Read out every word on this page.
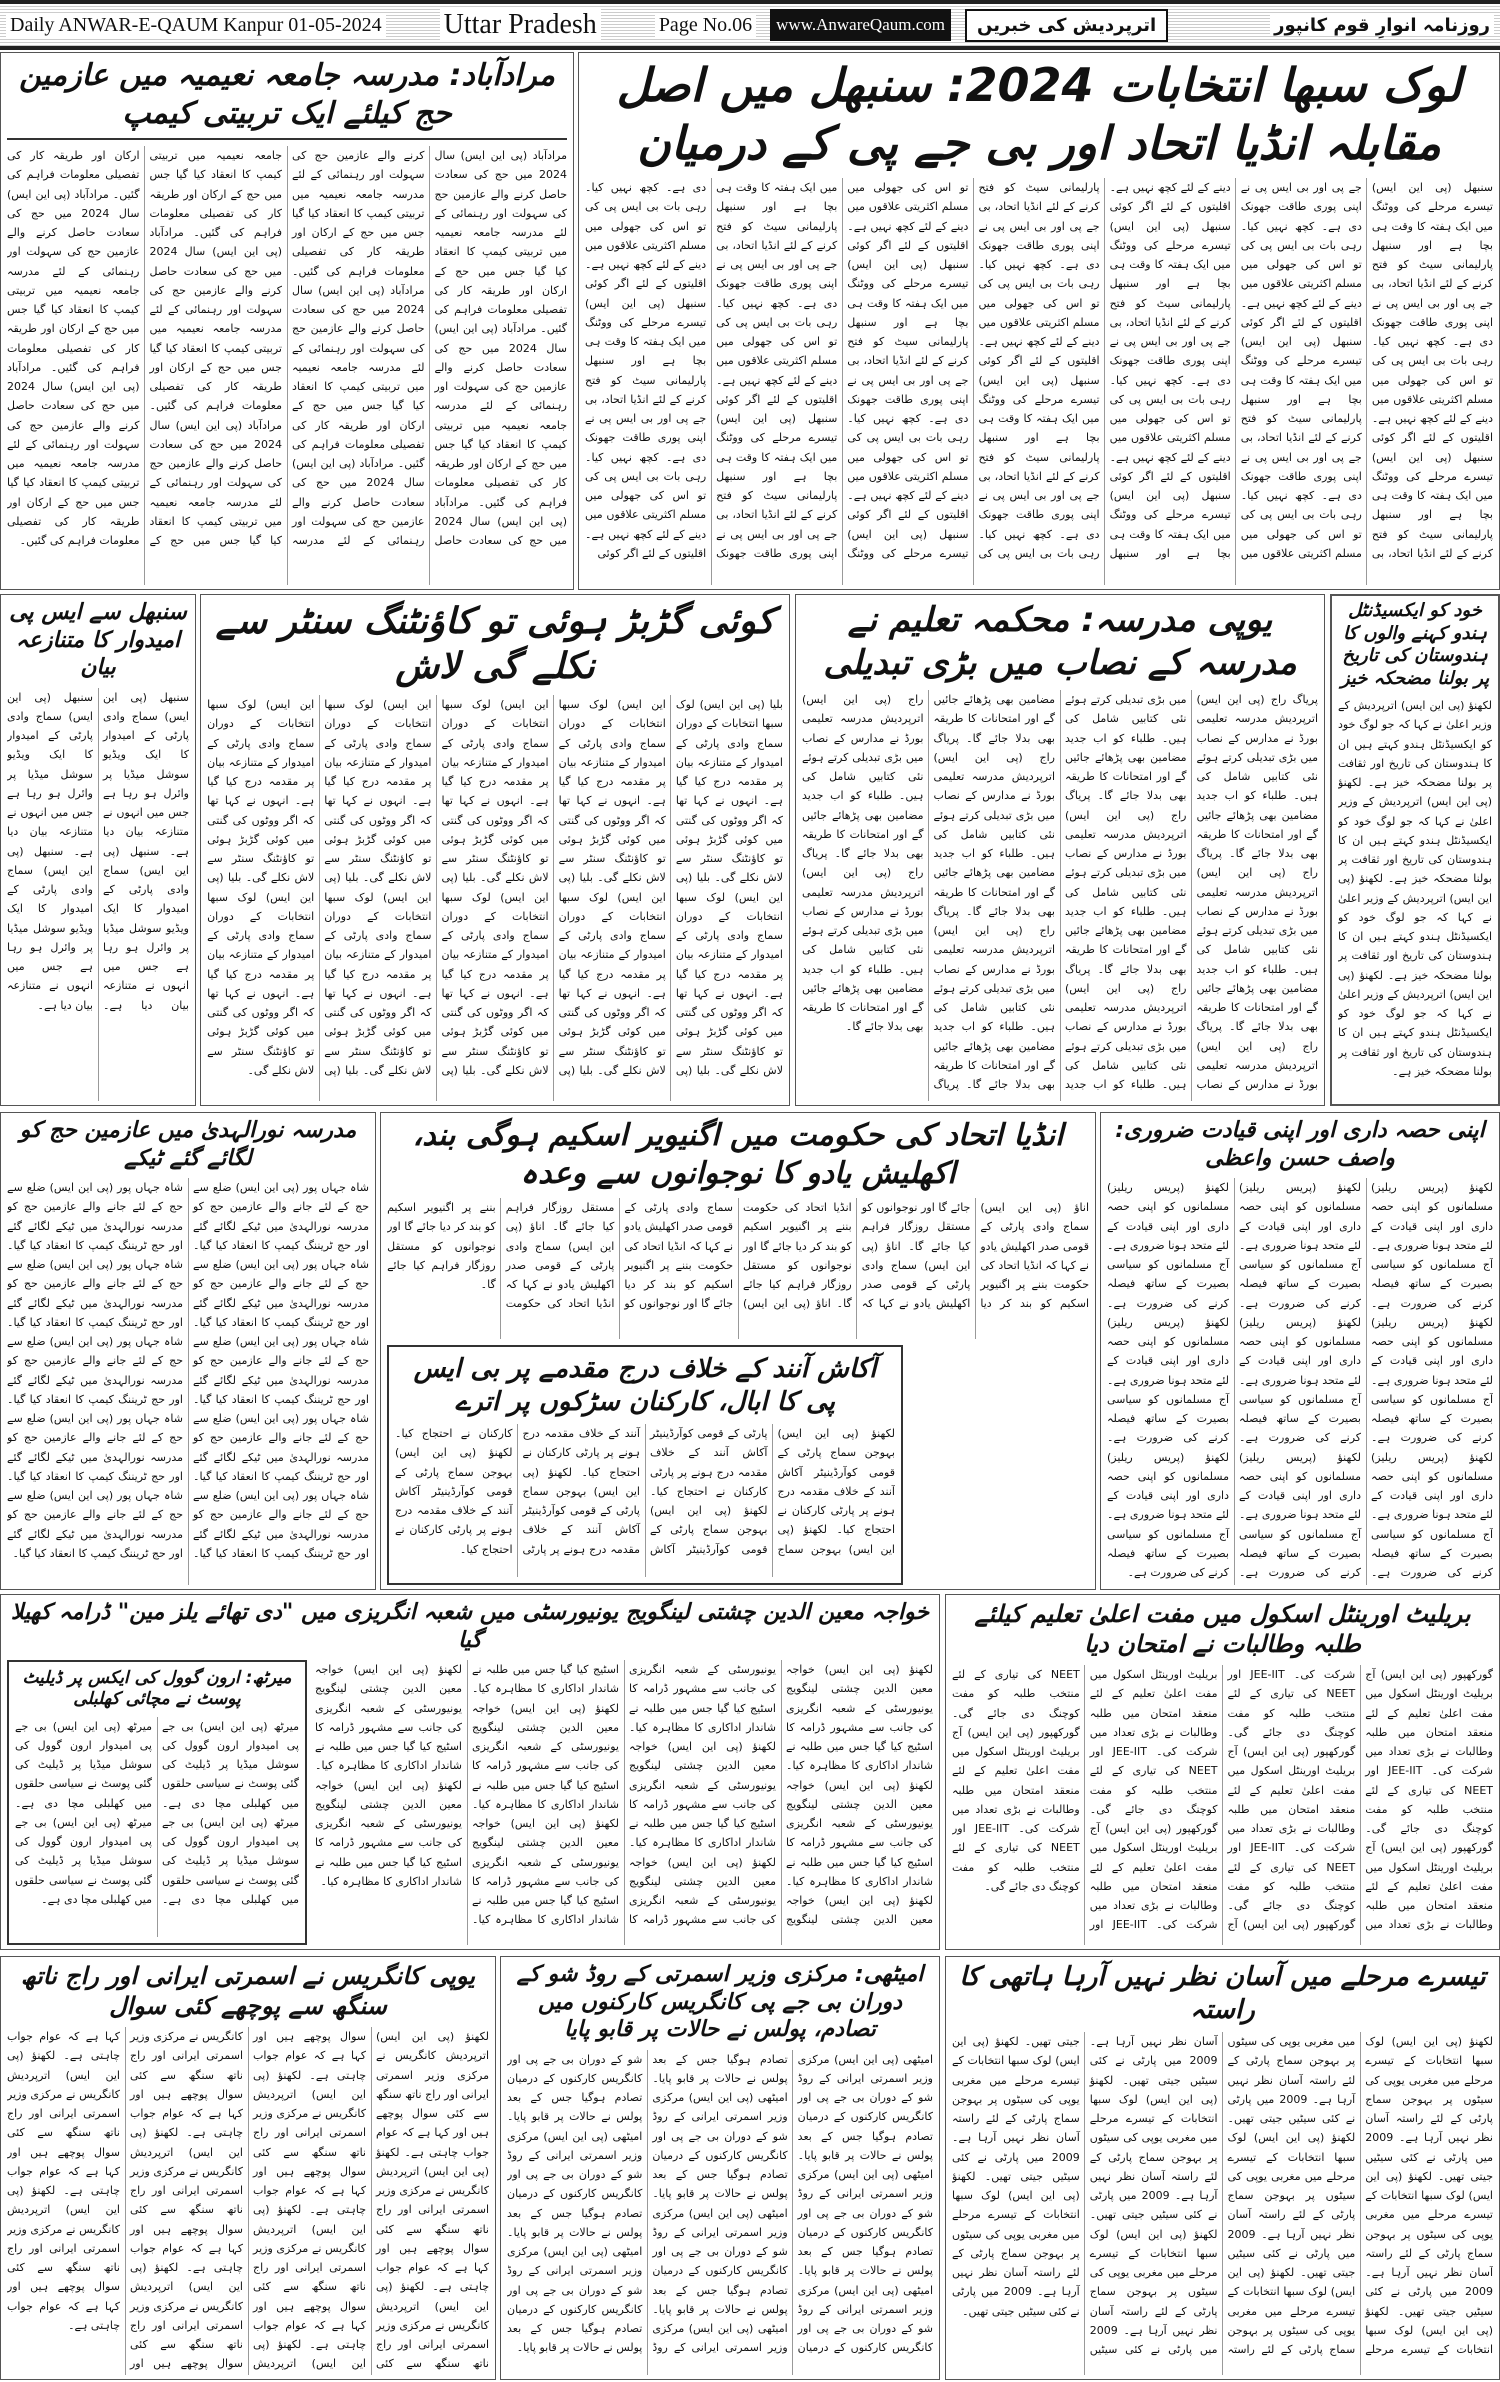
Daily ANWAR-E-QAUM Kanpur 01-05-2024 Uttar Pradesh	Page No.06	www.AnwareQaum.com	اترپردیش کی خبریں	روزنامہ انوارِ قوم کانپور
لوک سبھا انتخابات 2024: سنبھل میں اصل مقابلہ انڈیا اتحاد اور بی جے پی کے درمیان
سنبھل (پی این ایس) تیسرے مرحلے کی ووٹنگ میں ایک ہفتہ کا وقت ہی بچا ہے اور سنبھل پارلیمانی سیٹ کو فتح کرنے کے لئے انڈیا اتحاد، بی جے پی اور بی ایس پی نے اپنی پوری طاقت جھونک دی ہے۔ کچھ نہیں کیا۔ رہی بات بی ایس پی کی تو اس کی جھولی میں مسلم اکثریتی علاقوں میں دینے کے لئے کچھ نہیں ہے۔ اقلیتوں کے لئے اگر کوئی سنبھل (پی این ایس) تیسرے مرحلے کی ووٹنگ میں ایک ہفتہ کا وقت ہی بچا ہے اور سنبھل پارلیمانی سیٹ کو فتح کرنے کے لئے انڈیا اتحاد، بی جے پی اور بی ایس پی نے اپنی پوری طاقت جھونک دی ہے۔ کچھ نہیں کیا۔ رہی بات بی ایس پی کی تو اس کی جھولی میں مسلم اکثریتی علاقوں میں دینے کے لئے کچھ نہیں ہے۔ اقلیتوں کے لئے اگر کوئی سنبھل (پی این ایس) تیسرے مرحلے کی ووٹنگ میں ایک ہفتہ کا وقت ہی بچا ہے اور سنبھل پارلیمانی سیٹ کو فتح کرنے کے لئے انڈیا اتحاد، بی جے پی اور بی ایس پی نے اپنی پوری طاقت جھونک دی ہے۔ کچھ نہیں کیا۔ رہی بات بی ایس پی کی تو اس کی جھولی میں مسلم اکثریتی علاقوں میں دینے کے لئے کچھ نہیں ہے۔ اقلیتوں کے لئے اگر کوئی سنبھل (پی این ایس) تیسرے مرحلے کی ووٹنگ میں ایک ہفتہ کا وقت ہی بچا ہے اور سنبھل پارلیمانی سیٹ کو فتح کرنے کے لئے انڈیا اتحاد، بی جے پی اور بی ایس پی نے اپنی پوری طاقت جھونک دی ہے۔ کچھ نہیں کیا۔ رہی بات بی ایس پی کی تو اس کی جھولی میں مسلم اکثریتی علاقوں میں دینے کے لئے کچھ نہیں ہے۔ اقلیتوں کے لئے اگر کوئی سنبھل (پی این ایس) تیسرے مرحلے کی ووٹنگ میں ایک ہفتہ کا وقت ہی بچا ہے اور سنبھل پارلیمانی سیٹ کو فتح کرنے کے لئے انڈیا اتحاد، بی جے پی اور بی ایس پی نے اپنی پوری طاقت جھونک دی ہے۔ کچھ نہیں کیا۔ رہی بات بی ایس پی کی تو اس کی جھولی میں مسلم اکثریتی علاقوں میں دینے کے لئے کچھ نہیں ہے۔ اقلیتوں کے لئے اگر کوئی سنبھل (پی این ایس) تیسرے مرحلے کی ووٹنگ میں ایک ہفتہ کا وقت ہی بچا ہے اور سنبھل پارلیمانی سیٹ کو فتح کرنے کے لئے انڈیا اتحاد، بی جے پی اور بی ایس پی نے اپنی پوری طاقت جھونک دی ہے۔ کچھ نہیں کیا۔ رہی بات بی ایس پی کی تو اس کی جھولی میں مسلم اکثریتی علاقوں میں دینے کے لئے کچھ نہیں ہے۔ اقلیتوں کے لئے اگر کوئی سنبھل (پی این ایس) تیسرے مرحلے کی ووٹنگ میں ایک ہفتہ کا وقت ہی بچا ہے اور سنبھل پارلیمانی سیٹ کو فتح کرنے کے لئے انڈیا اتحاد، بی جے پی اور بی ایس پی نے اپنی پوری طاقت جھونک دی ہے۔ کچھ نہیں کیا۔ رہی بات بی ایس پی کی تو اس کی جھولی میں مسلم اکثریتی علاقوں میں دینے کے لئے کچھ نہیں ہے۔ اقلیتوں کے لئے اگر کوئی سنبھل (پی این ایس) تیسرے مرحلے کی ووٹنگ میں ایک ہفتہ کا وقت ہی بچا ہے اور سنبھل پارلیمانی سیٹ کو فتح کرنے کے لئے انڈیا اتحاد، بی جے پی اور بی ایس پی نے اپنی پوری طاقت جھونک دی ہے۔ کچھ نہیں کیا۔ رہی بات بی ایس پی کی تو اس کی جھولی میں مسلم اکثریتی علاقوں میں دینے کے لئے کچھ نہیں ہے۔ اقلیتوں کے لئے اگر کوئی سنبھل (پی این ایس) تیسرے مرحلے کی ووٹنگ میں ایک ہفتہ کا وقت ہی بچا ہے اور سنبھل پارلیمانی سیٹ کو فتح کرنے کے لئے انڈیا اتحاد، بی جے پی اور بی ایس پی نے اپنی پوری طاقت جھونک دی ہے۔ کچھ نہیں کیا۔ رہی بات بی ایس پی کی تو اس کی جھولی میں مسلم اکثریتی علاقوں میں دینے کے لئے کچھ نہیں ہے۔ اقلیتوں کے لئے اگر کوئی سنبھل (پی این ایس) تیسرے مرحلے کی ووٹنگ میں ایک ہفتہ کا وقت ہی بچا ہے اور سنبھل پارلیمانی سیٹ کو فتح کرنے کے لئے انڈیا اتحاد، بی جے پی اور بی ایس پی نے اپنی پوری طاقت جھونک دی ہے۔ کچھ نہیں کیا۔ رہی بات بی ایس پی کی تو اس کی جھولی میں مسلم اکثریتی علاقوں میں دینے کے لئے کچھ نہیں ہے۔ اقلیتوں کے لئے اگر کوئی
مرادآباد: مدرسہ جامعہ نعیمیہ میں عازمین حج کیلئے ایک تربیتی کیمپ
مرادآباد (پی این ایس) سال 2024 میں حج کی سعادت حاصل کرنے والے عازمین حج کی سہولت اور رہنمائی کے لئے مدرسہ جامعہ نعیمیہ میں تربیتی کیمپ کا انعقاد کیا گیا جس میں حج کے ارکان اور طریقہ کار کی تفصیلی معلومات فراہم کی گئیں۔ مرادآباد (پی این ایس) سال 2024 میں حج کی سعادت حاصل کرنے والے عازمین حج کی سہولت اور رہنمائی کے لئے مدرسہ جامعہ نعیمیہ میں تربیتی کیمپ کا انعقاد کیا گیا جس میں حج کے ارکان اور طریقہ کار کی تفصیلی معلومات فراہم کی گئیں۔ مرادآباد (پی این ایس) سال 2024 میں حج کی سعادت حاصل کرنے والے عازمین حج کی سہولت اور رہنمائی کے لئے مدرسہ جامعہ نعیمیہ میں تربیتی کیمپ کا انعقاد کیا گیا جس میں حج کے ارکان اور طریقہ کار کی تفصیلی معلومات فراہم کی گئیں۔ مرادآباد (پی این ایس) سال 2024 میں حج کی سعادت حاصل کرنے والے عازمین حج کی سہولت اور رہنمائی کے لئے مدرسہ جامعہ نعیمیہ میں تربیتی کیمپ کا انعقاد کیا گیا جس میں حج کے ارکان اور طریقہ کار کی تفصیلی معلومات فراہم کی گئیں۔ مرادآباد (پی این ایس) سال 2024 میں حج کی سعادت حاصل کرنے والے عازمین حج کی سہولت اور رہنمائی کے لئے مدرسہ جامعہ نعیمیہ میں تربیتی کیمپ کا انعقاد کیا گیا جس میں حج کے ارکان اور طریقہ کار کی تفصیلی معلومات فراہم کی گئیں۔ مرادآباد (پی این ایس) سال 2024 میں حج کی سعادت حاصل کرنے والے عازمین حج کی سہولت اور رہنمائی کے لئے مدرسہ جامعہ نعیمیہ میں تربیتی کیمپ کا انعقاد کیا گیا جس میں حج کے ارکان اور طریقہ کار کی تفصیلی معلومات فراہم کی گئیں۔ مرادآباد (پی این ایس) سال 2024 میں حج کی سعادت حاصل کرنے والے عازمین حج کی سہولت اور رہنمائی کے لئے مدرسہ جامعہ نعیمیہ میں تربیتی کیمپ کا انعقاد کیا گیا جس میں حج کے ارکان اور طریقہ کار کی تفصیلی معلومات فراہم کی گئیں۔ مرادآباد (پی این ایس) سال 2024 میں حج کی سعادت حاصل کرنے والے عازمین حج کی سہولت اور رہنمائی کے لئے مدرسہ جامعہ نعیمیہ میں تربیتی کیمپ کا انعقاد کیا گیا جس میں حج کے ارکان اور طریقہ کار کی تفصیلی معلومات فراہم کی گئیں۔ مرادآباد (پی این ایس) سال 2024 میں حج کی سعادت حاصل کرنے والے عازمین حج کی سہولت اور رہنمائی کے لئے مدرسہ جامعہ نعیمیہ میں تربیتی کیمپ کا انعقاد کیا گیا جس میں حج کے ارکان اور طریقہ کار کی تفصیلی معلومات فراہم کی گئیں۔
خود کو ایکسیڈنٹل ہندو کہنے والوں کا ہندوستان کی تاریخ پر بولنا مضحکہ خیز
لکھنؤ (پی این ایس) اترپردیش کے وزیر اعلیٰ نے کہا کہ جو لوگ خود کو ایکسیڈنٹل ہندو کہتے ہیں ان کا ہندوستان کی تاریخ اور ثقافت پر بولنا مضحکہ خیز ہے۔ لکھنؤ (پی این ایس) اترپردیش کے وزیر اعلیٰ نے کہا کہ جو لوگ خود کو ایکسیڈنٹل ہندو کہتے ہیں ان کا ہندوستان کی تاریخ اور ثقافت پر بولنا مضحکہ خیز ہے۔ لکھنؤ (پی این ایس) اترپردیش کے وزیر اعلیٰ نے کہا کہ جو لوگ خود کو ایکسیڈنٹل ہندو کہتے ہیں ان کا ہندوستان کی تاریخ اور ثقافت پر بولنا مضحکہ خیز ہے۔ لکھنؤ (پی این ایس) اترپردیش کے وزیر اعلیٰ نے کہا کہ جو لوگ خود کو ایکسیڈنٹل ہندو کہتے ہیں ان کا ہندوستان کی تاریخ اور ثقافت پر بولنا مضحکہ خیز ہے۔
یوپی مدرسہ: محکمہ تعلیم نے مدرسہ کے نصاب میں بڑی تبدیلی
پریاگ راج (پی این ایس) اترپردیش مدرسہ تعلیمی بورڈ نے مدارس کے نصاب میں بڑی تبدیلی کرتے ہوئے نئی کتابیں شامل کی ہیں۔ طلباء کو اب جدید مضامین بھی پڑھائے جائیں گے اور امتحانات کا طریقہ بھی بدلا جائے گا۔ پریاگ راج (پی این ایس) اترپردیش مدرسہ تعلیمی بورڈ نے مدارس کے نصاب میں بڑی تبدیلی کرتے ہوئے نئی کتابیں شامل کی ہیں۔ طلباء کو اب جدید مضامین بھی پڑھائے جائیں گے اور امتحانات کا طریقہ بھی بدلا جائے گا۔ پریاگ راج (پی این ایس) اترپردیش مدرسہ تعلیمی بورڈ نے مدارس کے نصاب میں بڑی تبدیلی کرتے ہوئے نئی کتابیں شامل کی ہیں۔ طلباء کو اب جدید مضامین بھی پڑھائے جائیں گے اور امتحانات کا طریقہ بھی بدلا جائے گا۔ پریاگ راج (پی این ایس) اترپردیش مدرسہ تعلیمی بورڈ نے مدارس کے نصاب میں بڑی تبدیلی کرتے ہوئے نئی کتابیں شامل کی ہیں۔ طلباء کو اب جدید مضامین بھی پڑھائے جائیں گے اور امتحانات کا طریقہ بھی بدلا جائے گا۔ پریاگ راج (پی این ایس) اترپردیش مدرسہ تعلیمی بورڈ نے مدارس کے نصاب میں بڑی تبدیلی کرتے ہوئے نئی کتابیں شامل کی ہیں۔ طلباء کو اب جدید مضامین بھی پڑھائے جائیں گے اور امتحانات کا طریقہ بھی بدلا جائے گا۔ پریاگ راج (پی این ایس) اترپردیش مدرسہ تعلیمی بورڈ نے مدارس کے نصاب میں بڑی تبدیلی کرتے ہوئے نئی کتابیں شامل کی ہیں۔ طلباء کو اب جدید مضامین بھی پڑھائے جائیں گے اور امتحانات کا طریقہ بھی بدلا جائے گا۔ پریاگ راج (پی این ایس) اترپردیش مدرسہ تعلیمی بورڈ نے مدارس کے نصاب میں بڑی تبدیلی کرتے ہوئے نئی کتابیں شامل کی ہیں۔ طلباء کو اب جدید مضامین بھی پڑھائے جائیں گے اور امتحانات کا طریقہ بھی بدلا جائے گا۔ پریاگ راج (پی این ایس) اترپردیش مدرسہ تعلیمی بورڈ نے مدارس کے نصاب میں بڑی تبدیلی کرتے ہوئے نئی کتابیں شامل کی ہیں۔ طلباء کو اب جدید مضامین بھی پڑھائے جائیں گے اور امتحانات کا طریقہ بھی بدلا جائے گا۔ پریاگ راج (پی این ایس) اترپردیش مدرسہ تعلیمی بورڈ نے مدارس کے نصاب میں بڑی تبدیلی کرتے ہوئے نئی کتابیں شامل کی ہیں۔ طلباء کو اب جدید مضامین بھی پڑھائے جائیں گے اور امتحانات کا طریقہ بھی بدلا جائے گا۔
کوئی گڑبڑ ہوئی تو کاؤنٹنگ سنٹر سے نکلے گی لاش
بلیا (پی این ایس) لوک سبھا انتخابات کے دوران سماج وادی پارٹی کے امیدوار کے متنازعہ بیان پر مقدمہ درج کیا گیا ہے۔ انہوں نے کہا تھا کہ اگر ووٹوں کی گنتی میں کوئی گڑبڑ ہوئی تو کاؤنٹنگ سنٹر سے لاش نکلے گی۔ بلیا (پی این ایس) لوک سبھا انتخابات کے دوران سماج وادی پارٹی کے امیدوار کے متنازعہ بیان پر مقدمہ درج کیا گیا ہے۔ انہوں نے کہا تھا کہ اگر ووٹوں کی گنتی میں کوئی گڑبڑ ہوئی تو کاؤنٹنگ سنٹر سے لاش نکلے گی۔ بلیا (پی این ایس) لوک سبھا انتخابات کے دوران سماج وادی پارٹی کے امیدوار کے متنازعہ بیان پر مقدمہ درج کیا گیا ہے۔ انہوں نے کہا تھا کہ اگر ووٹوں کی گنتی میں کوئی گڑبڑ ہوئی تو کاؤنٹنگ سنٹر سے لاش نکلے گی۔ بلیا (پی این ایس) لوک سبھا انتخابات کے دوران سماج وادی پارٹی کے امیدوار کے متنازعہ بیان پر مقدمہ درج کیا گیا ہے۔ انہوں نے کہا تھا کہ اگر ووٹوں کی گنتی میں کوئی گڑبڑ ہوئی تو کاؤنٹنگ سنٹر سے لاش نکلے گی۔ بلیا (پی این ایس) لوک سبھا انتخابات کے دوران سماج وادی پارٹی کے امیدوار کے متنازعہ بیان پر مقدمہ درج کیا گیا ہے۔ انہوں نے کہا تھا کہ اگر ووٹوں کی گنتی میں کوئی گڑبڑ ہوئی تو کاؤنٹنگ سنٹر سے لاش نکلے گی۔ بلیا (پی این ایس) لوک سبھا انتخابات کے دوران سماج وادی پارٹی کے امیدوار کے متنازعہ بیان پر مقدمہ درج کیا گیا ہے۔ انہوں نے کہا تھا کہ اگر ووٹوں کی گنتی میں کوئی گڑبڑ ہوئی تو کاؤنٹنگ سنٹر سے لاش نکلے گی۔ بلیا (پی این ایس) لوک سبھا انتخابات کے دوران سماج وادی پارٹی کے امیدوار کے متنازعہ بیان پر مقدمہ درج کیا گیا ہے۔ انہوں نے کہا تھا کہ اگر ووٹوں کی گنتی میں کوئی گڑبڑ ہوئی تو کاؤنٹنگ سنٹر سے لاش نکلے گی۔ بلیا (پی این ایس) لوک سبھا انتخابات کے دوران سماج وادی پارٹی کے امیدوار کے متنازعہ بیان پر مقدمہ درج کیا گیا ہے۔ انہوں نے کہا تھا کہ اگر ووٹوں کی گنتی میں کوئی گڑبڑ ہوئی تو کاؤنٹنگ سنٹر سے لاش نکلے گی۔ بلیا (پی این ایس) لوک سبھا انتخابات کے دوران سماج وادی پارٹی کے امیدوار کے متنازعہ بیان پر مقدمہ درج کیا گیا ہے۔ انہوں نے کہا تھا کہ اگر ووٹوں کی گنتی میں کوئی گڑبڑ ہوئی تو کاؤنٹنگ سنٹر سے لاش نکلے گی۔ بلیا (پی این ایس) لوک سبھا انتخابات کے دوران سماج وادی پارٹی کے امیدوار کے متنازعہ بیان پر مقدمہ درج کیا گیا ہے۔ انہوں نے کہا تھا کہ اگر ووٹوں کی گنتی میں کوئی گڑبڑ ہوئی تو کاؤنٹنگ سنٹر سے لاش نکلے گی۔
سنبھل سے ایس پی امیدوار کا متنازعہ بیان
سنبھل (پی این ایس) سماج وادی پارٹی کے امیدوار کا ایک ویڈیو سوشل میڈیا پر وائرل ہو رہا ہے جس میں انہوں نے متنازعہ بیان دیا ہے۔ سنبھل (پی این ایس) سماج وادی پارٹی کے امیدوار کا ایک ویڈیو سوشل میڈیا پر وائرل ہو رہا ہے جس میں انہوں نے متنازعہ بیان دیا ہے۔ سنبھل (پی این ایس) سماج وادی پارٹی کے امیدوار کا ایک ویڈیو سوشل میڈیا پر وائرل ہو رہا ہے جس میں انہوں نے متنازعہ بیان دیا ہے۔ سنبھل (پی این ایس) سماج وادی پارٹی کے امیدوار کا ایک ویڈیو سوشل میڈیا پر وائرل ہو رہا ہے جس میں انہوں نے متنازعہ بیان دیا ہے۔
اپنی حصہ داری اور اپنی قیادت ضروری: واصف حسن واعظی
لکھنؤ (پریس ریلیز) مسلمانوں کو اپنی حصہ داری اور اپنی قیادت کے لئے متحد ہونا ضروری ہے۔ آج مسلمانوں کو سیاسی بصیرت کے ساتھ فیصلہ کرنے کی ضرورت ہے۔ لکھنؤ (پریس ریلیز) مسلمانوں کو اپنی حصہ داری اور اپنی قیادت کے لئے متحد ہونا ضروری ہے۔ آج مسلمانوں کو سیاسی بصیرت کے ساتھ فیصلہ کرنے کی ضرورت ہے۔ لکھنؤ (پریس ریلیز) مسلمانوں کو اپنی حصہ داری اور اپنی قیادت کے لئے متحد ہونا ضروری ہے۔ آج مسلمانوں کو سیاسی بصیرت کے ساتھ فیصلہ کرنے کی ضرورت ہے۔ لکھنؤ (پریس ریلیز) مسلمانوں کو اپنی حصہ داری اور اپنی قیادت کے لئے متحد ہونا ضروری ہے۔ آج مسلمانوں کو سیاسی بصیرت کے ساتھ فیصلہ کرنے کی ضرورت ہے۔ لکھنؤ (پریس ریلیز) مسلمانوں کو اپنی حصہ داری اور اپنی قیادت کے لئے متحد ہونا ضروری ہے۔ آج مسلمانوں کو سیاسی بصیرت کے ساتھ فیصلہ کرنے کی ضرورت ہے۔ لکھنؤ (پریس ریلیز) مسلمانوں کو اپنی حصہ داری اور اپنی قیادت کے لئے متحد ہونا ضروری ہے۔ آج مسلمانوں کو سیاسی بصیرت کے ساتھ فیصلہ کرنے کی ضرورت ہے۔ لکھنؤ (پریس ریلیز) مسلمانوں کو اپنی حصہ داری اور اپنی قیادت کے لئے متحد ہونا ضروری ہے۔ آج مسلمانوں کو سیاسی بصیرت کے ساتھ فیصلہ کرنے کی ضرورت ہے۔ لکھنؤ (پریس ریلیز) مسلمانوں کو اپنی حصہ داری اور اپنی قیادت کے لئے متحد ہونا ضروری ہے۔ آج مسلمانوں کو سیاسی بصیرت کے ساتھ فیصلہ کرنے کی ضرورت ہے۔ لکھنؤ (پریس ریلیز) مسلمانوں کو اپنی حصہ داری اور اپنی قیادت کے لئے متحد ہونا ضروری ہے۔ آج مسلمانوں کو سیاسی بصیرت کے ساتھ فیصلہ کرنے کی ضرورت ہے۔
انڈیا اتحاد کی حکومت میں اگنیویر اسکیم ہوگی بند، اکھلیش یادو کا نوجوانوں سے وعدہ
اناؤ (پی این ایس) سماج وادی پارٹی کے قومی صدر اکھلیش یادو نے کہا کہ انڈیا اتحاد کی حکومت بننے پر اگنیویر اسکیم کو بند کر دیا جائے گا اور نوجوانوں کو مستقل روزگار فراہم کیا جائے گا۔ اناؤ (پی این ایس) سماج وادی پارٹی کے قومی صدر اکھلیش یادو نے کہا کہ انڈیا اتحاد کی حکومت بننے پر اگنیویر اسکیم کو بند کر دیا جائے گا اور نوجوانوں کو مستقل روزگار فراہم کیا جائے گا۔ اناؤ (پی این ایس) سماج وادی پارٹی کے قومی صدر اکھلیش یادو نے کہا کہ انڈیا اتحاد کی حکومت بننے پر اگنیویر اسکیم کو بند کر دیا جائے گا اور نوجوانوں کو مستقل روزگار فراہم کیا جائے گا۔ اناؤ (پی این ایس) سماج وادی پارٹی کے قومی صدر اکھلیش یادو نے کہا کہ انڈیا اتحاد کی حکومت بننے پر اگنیویر اسکیم کو بند کر دیا جائے گا اور نوجوانوں کو مستقل روزگار فراہم کیا جائے گا۔
آکاش آنند کے خلاف درج مقدمے پر بی ایس پی کا ابال، کارکنان سڑکوں پر اترے
لکھنؤ (پی این ایس) بہوجن سماج پارٹی کے قومی کوآرڈینیٹر آکاش آنند کے خلاف مقدمہ درج ہونے پر پارٹی کارکنان نے احتجاج کیا۔ لکھنؤ (پی این ایس) بہوجن سماج پارٹی کے قومی کوآرڈینیٹر آکاش آنند کے خلاف مقدمہ درج ہونے پر پارٹی کارکنان نے احتجاج کیا۔ لکھنؤ (پی این ایس) بہوجن سماج پارٹی کے قومی کوآرڈینیٹر آکاش آنند کے خلاف مقدمہ درج ہونے پر پارٹی کارکنان نے احتجاج کیا۔ لکھنؤ (پی این ایس) بہوجن سماج پارٹی کے قومی کوآرڈینیٹر آکاش آنند کے خلاف مقدمہ درج ہونے پر پارٹی کارکنان نے احتجاج کیا۔ لکھنؤ (پی این ایس) بہوجن سماج پارٹی کے قومی کوآرڈینیٹر آکاش آنند کے خلاف مقدمہ درج ہونے پر پارٹی کارکنان نے احتجاج کیا۔
مدرسہ نورالہدیٰ میں عازمین حج کو لگائے گئے ٹیکے
شاہ جہاں پور (پی این ایس) ضلع سے حج کے لئے جانے والے عازمین حج کو مدرسہ نورالہدیٰ میں ٹیکے لگائے گئے اور حج ٹریننگ کیمپ کا انعقاد کیا گیا۔ شاہ جہاں پور (پی این ایس) ضلع سے حج کے لئے جانے والے عازمین حج کو مدرسہ نورالہدیٰ میں ٹیکے لگائے گئے اور حج ٹریننگ کیمپ کا انعقاد کیا گیا۔ شاہ جہاں پور (پی این ایس) ضلع سے حج کے لئے جانے والے عازمین حج کو مدرسہ نورالہدیٰ میں ٹیکے لگائے گئے اور حج ٹریننگ کیمپ کا انعقاد کیا گیا۔ شاہ جہاں پور (پی این ایس) ضلع سے حج کے لئے جانے والے عازمین حج کو مدرسہ نورالہدیٰ میں ٹیکے لگائے گئے اور حج ٹریننگ کیمپ کا انعقاد کیا گیا۔ شاہ جہاں پور (پی این ایس) ضلع سے حج کے لئے جانے والے عازمین حج کو مدرسہ نورالہدیٰ میں ٹیکے لگائے گئے اور حج ٹریننگ کیمپ کا انعقاد کیا گیا۔ شاہ جہاں پور (پی این ایس) ضلع سے حج کے لئے جانے والے عازمین حج کو مدرسہ نورالہدیٰ میں ٹیکے لگائے گئے اور حج ٹریننگ کیمپ کا انعقاد کیا گیا۔ شاہ جہاں پور (پی این ایس) ضلع سے حج کے لئے جانے والے عازمین حج کو مدرسہ نورالہدیٰ میں ٹیکے لگائے گئے اور حج ٹریننگ کیمپ کا انعقاد کیا گیا۔ شاہ جہاں پور (پی این ایس) ضلع سے حج کے لئے جانے والے عازمین حج کو مدرسہ نورالہدیٰ میں ٹیکے لگائے گئے اور حج ٹریننگ کیمپ کا انعقاد کیا گیا۔ شاہ جہاں پور (پی این ایس) ضلع سے حج کے لئے جانے والے عازمین حج کو مدرسہ نورالہدیٰ میں ٹیکے لگائے گئے اور حج ٹریننگ کیمپ کا انعقاد کیا گیا۔ شاہ جہاں پور (پی این ایس) ضلع سے حج کے لئے جانے والے عازمین حج کو مدرسہ نورالہدیٰ میں ٹیکے لگائے گئے اور حج ٹریننگ کیمپ کا انعقاد کیا گیا۔
بریلیٹ اورینٹل اسکول میں مفت اعلیٰ تعلیم کیلئے طلبہ وطالبات نے امتحان دیا
گورکھپور (پی این ایس) آج بریلیٹ اورینٹل اسکول میں مفت اعلیٰ تعلیم کے لئے منعقد امتحان میں طلبہ وطالبات نے بڑی تعداد میں شرکت کی۔ JEE-IIT اور NEET کی تیاری کے لئے منتخب طلبہ کو مفت کوچنگ دی جائے گی۔ گورکھپور (پی این ایس) آج بریلیٹ اورینٹل اسکول میں مفت اعلیٰ تعلیم کے لئے منعقد امتحان میں طلبہ وطالبات نے بڑی تعداد میں شرکت کی۔ JEE-IIT اور NEET کی تیاری کے لئے منتخب طلبہ کو مفت کوچنگ دی جائے گی۔ گورکھپور (پی این ایس) آج بریلیٹ اورینٹل اسکول میں مفت اعلیٰ تعلیم کے لئے منعقد امتحان میں طلبہ وطالبات نے بڑی تعداد میں شرکت کی۔ JEE-IIT اور NEET کی تیاری کے لئے منتخب طلبہ کو مفت کوچنگ دی جائے گی۔ گورکھپور (پی این ایس) آج بریلیٹ اورینٹل اسکول میں مفت اعلیٰ تعلیم کے لئے منعقد امتحان میں طلبہ وطالبات نے بڑی تعداد میں شرکت کی۔ JEE-IIT اور NEET کی تیاری کے لئے منتخب طلبہ کو مفت کوچنگ دی جائے گی۔ گورکھپور (پی این ایس) آج بریلیٹ اورینٹل اسکول میں مفت اعلیٰ تعلیم کے لئے منعقد امتحان میں طلبہ وطالبات نے بڑی تعداد میں شرکت کی۔ JEE-IIT اور NEET کی تیاری کے لئے منتخب طلبہ کو مفت کوچنگ دی جائے گی۔ گورکھپور (پی این ایس) آج بریلیٹ اورینٹل اسکول میں مفت اعلیٰ تعلیم کے لئے منعقد امتحان میں طلبہ وطالبات نے بڑی تعداد میں شرکت کی۔ JEE-IIT اور NEET کی تیاری کے لئے منتخب طلبہ کو مفت کوچنگ دی جائے گی۔
خواجہ معین الدین چشتی لینگویج یونیورسٹی میں شعبہ انگریزی میں "دی تھائے یلز مین" ڈرامہ کھیلا گیا
لکھنؤ (پی این ایس) خواجہ معین الدین چشتی لینگویج یونیورسٹی کے شعبہ انگریزی کی جانب سے مشہور ڈرامہ کا اسٹیج کیا گیا جس میں طلبہ نے شاندار اداکاری کا مظاہرہ کیا۔ لکھنؤ (پی این ایس) خواجہ معین الدین چشتی لینگویج یونیورسٹی کے شعبہ انگریزی کی جانب سے مشہور ڈرامہ کا اسٹیج کیا گیا جس میں طلبہ نے شاندار اداکاری کا مظاہرہ کیا۔ لکھنؤ (پی این ایس) خواجہ معین الدین چشتی لینگویج یونیورسٹی کے شعبہ انگریزی کی جانب سے مشہور ڈرامہ کا اسٹیج کیا گیا جس میں طلبہ نے شاندار اداکاری کا مظاہرہ کیا۔ لکھنؤ (پی این ایس) خواجہ معین الدین چشتی لینگویج یونیورسٹی کے شعبہ انگریزی کی جانب سے مشہور ڈرامہ کا اسٹیج کیا گیا جس میں طلبہ نے شاندار اداکاری کا مظاہرہ کیا۔ لکھنؤ (پی این ایس) خواجہ معین الدین چشتی لینگویج یونیورسٹی کے شعبہ انگریزی کی جانب سے مشہور ڈرامہ کا اسٹیج کیا گیا جس میں طلبہ نے شاندار اداکاری کا مظاہرہ کیا۔ لکھنؤ (پی این ایس) خواجہ معین الدین چشتی لینگویج یونیورسٹی کے شعبہ انگریزی کی جانب سے مشہور ڈرامہ کا اسٹیج کیا گیا جس میں طلبہ نے شاندار اداکاری کا مظاہرہ کیا۔ لکھنؤ (پی این ایس) خواجہ معین الدین چشتی لینگویج یونیورسٹی کے شعبہ انگریزی کی جانب سے مشہور ڈرامہ کا اسٹیج کیا گیا جس میں طلبہ نے شاندار اداکاری کا مظاہرہ کیا۔ لکھنؤ (پی این ایس) خواجہ معین الدین چشتی لینگویج یونیورسٹی کے شعبہ انگریزی کی جانب سے مشہور ڈرامہ کا اسٹیج کیا گیا جس میں طلبہ نے شاندار اداکاری کا مظاہرہ کیا۔ لکھنؤ (پی این ایس) خواجہ معین الدین چشتی لینگویج یونیورسٹی کے شعبہ انگریزی کی جانب سے مشہور ڈرامہ کا اسٹیج کیا گیا جس میں طلبہ نے شاندار اداکاری کا مظاہرہ کیا۔
میرٹھ: ارون گوول کی ایکس پر ڈیلیٹ پوسٹ نے مچائی کھلبلی
میرٹھ (پی این ایس) بی جے پی امیدوار ارون گوول کی سوشل میڈیا پر ڈیلیٹ کی گئی پوسٹ نے سیاسی حلقوں میں کھلبلی مچا دی ہے۔ میرٹھ (پی این ایس) بی جے پی امیدوار ارون گوول کی سوشل میڈیا پر ڈیلیٹ کی گئی پوسٹ نے سیاسی حلقوں میں کھلبلی مچا دی ہے۔ میرٹھ (پی این ایس) بی جے پی امیدوار ارون گوول کی سوشل میڈیا پر ڈیلیٹ کی گئی پوسٹ نے سیاسی حلقوں میں کھلبلی مچا دی ہے۔ میرٹھ (پی این ایس) بی جے پی امیدوار ارون گوول کی سوشل میڈیا پر ڈیلیٹ کی گئی پوسٹ نے سیاسی حلقوں میں کھلبلی مچا دی ہے۔
تیسرے مرحلے میں آسان نظر نہیں آرہا ہاتھی کا راستہ
لکھنؤ (پی این ایس) لوک سبھا انتخابات کے تیسرے مرحلے میں مغربی یوپی کی سیٹوں پر بہوجن سماج پارٹی کے لئے راستہ آسان نظر نہیں آرہا ہے۔ 2009 میں پارٹی نے کئی سیٹیں جیتی تھیں۔ لکھنؤ (پی این ایس) لوک سبھا انتخابات کے تیسرے مرحلے میں مغربی یوپی کی سیٹوں پر بہوجن سماج پارٹی کے لئے راستہ آسان نظر نہیں آرہا ہے۔ 2009 میں پارٹی نے کئی سیٹیں جیتی تھیں۔ لکھنؤ (پی این ایس) لوک سبھا انتخابات کے تیسرے مرحلے میں مغربی یوپی کی سیٹوں پر بہوجن سماج پارٹی کے لئے راستہ آسان نظر نہیں آرہا ہے۔ 2009 میں پارٹی نے کئی سیٹیں جیتی تھیں۔ لکھنؤ (پی این ایس) لوک سبھا انتخابات کے تیسرے مرحلے میں مغربی یوپی کی سیٹوں پر بہوجن سماج پارٹی کے لئے راستہ آسان نظر نہیں آرہا ہے۔ 2009 میں پارٹی نے کئی سیٹیں جیتی تھیں۔ لکھنؤ (پی این ایس) لوک سبھا انتخابات کے تیسرے مرحلے میں مغربی یوپی کی سیٹوں پر بہوجن سماج پارٹی کے لئے راستہ آسان نظر نہیں آرہا ہے۔ 2009 میں پارٹی نے کئی سیٹیں جیتی تھیں۔ لکھنؤ (پی این ایس) لوک سبھا انتخابات کے تیسرے مرحلے میں مغربی یوپی کی سیٹوں پر بہوجن سماج پارٹی کے لئے راستہ آسان نظر نہیں آرہا ہے۔ 2009 میں پارٹی نے کئی سیٹیں جیتی تھیں۔ لکھنؤ (پی این ایس) لوک سبھا انتخابات کے تیسرے مرحلے میں مغربی یوپی کی سیٹوں پر بہوجن سماج پارٹی کے لئے راستہ آسان نظر نہیں آرہا ہے۔ 2009 میں پارٹی نے کئی سیٹیں جیتی تھیں۔ لکھنؤ (پی این ایس) لوک سبھا انتخابات کے تیسرے مرحلے میں مغربی یوپی کی سیٹوں پر بہوجن سماج پارٹی کے لئے راستہ آسان نظر نہیں آرہا ہے۔ 2009 میں پارٹی نے کئی سیٹیں جیتی تھیں۔ لکھنؤ (پی این ایس) لوک سبھا انتخابات کے تیسرے مرحلے میں مغربی یوپی کی سیٹوں پر بہوجن سماج پارٹی کے لئے راستہ آسان نظر نہیں آرہا ہے۔ 2009 میں پارٹی نے کئی سیٹیں جیتی تھیں۔
امیٹھی: مرکزی وزیر اسمرتی کے روڈ شو کے دوران بی جے پی کانگریس کارکنوں میں تصادم، پولس نے حالات پر قابو پایا
امیٹھی (پی این ایس) مرکزی وزیر اسمرتی ایرانی کے روڈ شو کے دوران بی جے پی اور کانگریس کارکنوں کے درمیان تصادم ہوگیا جس کے بعد پولس نے حالات پر قابو پایا۔ امیٹھی (پی این ایس) مرکزی وزیر اسمرتی ایرانی کے روڈ شو کے دوران بی جے پی اور کانگریس کارکنوں کے درمیان تصادم ہوگیا جس کے بعد پولس نے حالات پر قابو پایا۔ امیٹھی (پی این ایس) مرکزی وزیر اسمرتی ایرانی کے روڈ شو کے دوران بی جے پی اور کانگریس کارکنوں کے درمیان تصادم ہوگیا جس کے بعد پولس نے حالات پر قابو پایا۔ امیٹھی (پی این ایس) مرکزی وزیر اسمرتی ایرانی کے روڈ شو کے دوران بی جے پی اور کانگریس کارکنوں کے درمیان تصادم ہوگیا جس کے بعد پولس نے حالات پر قابو پایا۔ امیٹھی (پی این ایس) مرکزی وزیر اسمرتی ایرانی کے روڈ شو کے دوران بی جے پی اور کانگریس کارکنوں کے درمیان تصادم ہوگیا جس کے بعد پولس نے حالات پر قابو پایا۔ امیٹھی (پی این ایس) مرکزی وزیر اسمرتی ایرانی کے روڈ شو کے دوران بی جے پی اور کانگریس کارکنوں کے درمیان تصادم ہوگیا جس کے بعد پولس نے حالات پر قابو پایا۔ امیٹھی (پی این ایس) مرکزی وزیر اسمرتی ایرانی کے روڈ شو کے دوران بی جے پی اور کانگریس کارکنوں کے درمیان تصادم ہوگیا جس کے بعد پولس نے حالات پر قابو پایا۔ امیٹھی (پی این ایس) مرکزی وزیر اسمرتی ایرانی کے روڈ شو کے دوران بی جے پی اور کانگریس کارکنوں کے درمیان تصادم ہوگیا جس کے بعد پولس نے حالات پر قابو پایا۔
یوپی کانگریس نے اسمرتی ایرانی اور راج ناتھ سنگھ سے پوچھے کئی سوال
لکھنؤ (پی این ایس) اترپردیش کانگریس نے مرکزی وزیر اسمرتی ایرانی اور راج ناتھ سنگھ سے کئی سوال پوچھے ہیں اور کہا ہے کہ عوام جواب چاہتی ہے۔ لکھنؤ (پی این ایس) اترپردیش کانگریس نے مرکزی وزیر اسمرتی ایرانی اور راج ناتھ سنگھ سے کئی سوال پوچھے ہیں اور کہا ہے کہ عوام جواب چاہتی ہے۔ لکھنؤ (پی این ایس) اترپردیش کانگریس نے مرکزی وزیر اسمرتی ایرانی اور راج ناتھ سنگھ سے کئی سوال پوچھے ہیں اور کہا ہے کہ عوام جواب چاہتی ہے۔ لکھنؤ (پی این ایس) اترپردیش کانگریس نے مرکزی وزیر اسمرتی ایرانی اور راج ناتھ سنگھ سے کئی سوال پوچھے ہیں اور کہا ہے کہ عوام جواب چاہتی ہے۔ لکھنؤ (پی این ایس) اترپردیش کانگریس نے مرکزی وزیر اسمرتی ایرانی اور راج ناتھ سنگھ سے کئی سوال پوچھے ہیں اور کہا ہے کہ عوام جواب چاہتی ہے۔ لکھنؤ (پی این ایس) اترپردیش کانگریس نے مرکزی وزیر اسمرتی ایرانی اور راج ناتھ سنگھ سے کئی سوال پوچھے ہیں اور کہا ہے کہ عوام جواب چاہتی ہے۔ لکھنؤ (پی این ایس) اترپردیش کانگریس نے مرکزی وزیر اسمرتی ایرانی اور راج ناتھ سنگھ سے کئی سوال پوچھے ہیں اور کہا ہے کہ عوام جواب چاہتی ہے۔ لکھنؤ (پی این ایس) اترپردیش کانگریس نے مرکزی وزیر اسمرتی ایرانی اور راج ناتھ سنگھ سے کئی سوال پوچھے ہیں اور کہا ہے کہ عوام جواب چاہتی ہے۔ لکھنؤ (پی این ایس) اترپردیش کانگریس نے مرکزی وزیر اسمرتی ایرانی اور راج ناتھ سنگھ سے کئی سوال پوچھے ہیں اور کہا ہے کہ عوام جواب چاہتی ہے۔ لکھنؤ (پی این ایس) اترپردیش کانگریس نے مرکزی وزیر اسمرتی ایرانی اور راج ناتھ سنگھ سے کئی سوال پوچھے ہیں اور کہا ہے کہ عوام جواب چاہتی ہے۔
